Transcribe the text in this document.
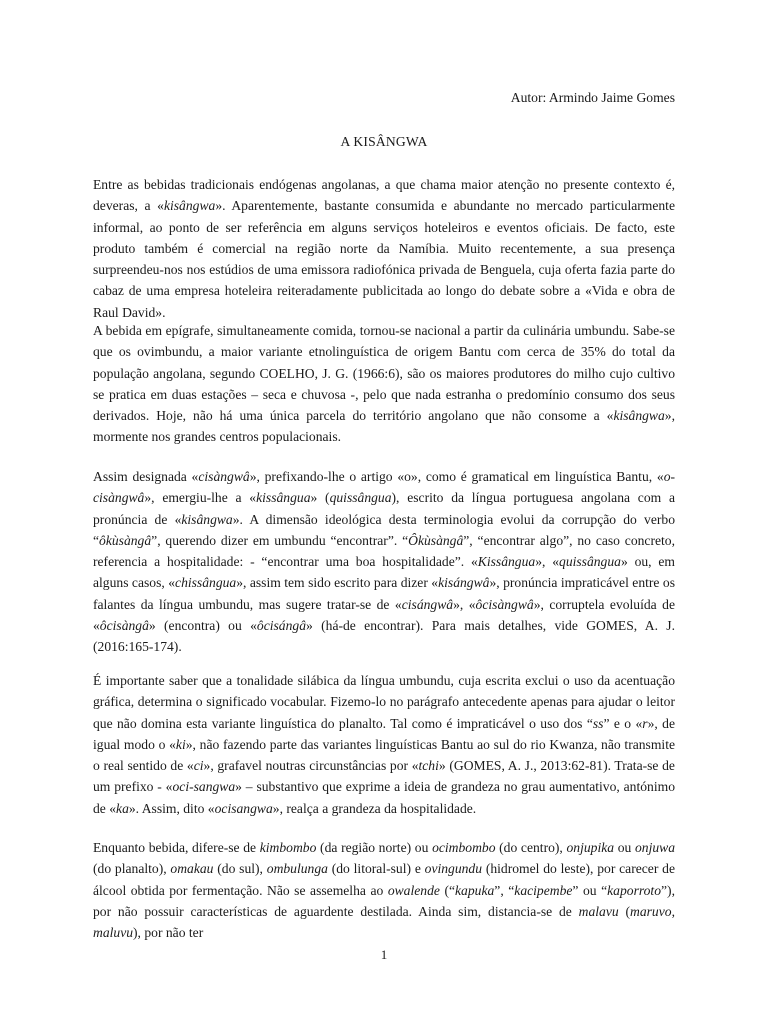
Autor: Armindo Jaime Gomes
A KISÂNGWA

Entre as bebidas tradicionais endógenas angolanas, a que chama maior atenção no presente contexto é, deveras, a «kisângwa». Aparentemente, bastante consumida e abundante no mercado particularmente informal, ao ponto de ser referência em alguns serviços hoteleiros e eventos oficiais. De facto, este produto também é comercial na região norte da Namíbia. Muito recentemente, a sua presença surpreendeu-nos nos estúdios de uma emissora radiofónica privada de Benguela, cuja oferta fazia parte do cabaz de uma empresa hoteleira reiteradamente publicitada ao longo do debate sobre a «Vida e obra de Raul David».

A bebida em epígrafe, simultaneamente comida, tornou-se nacional a partir da culinária umbundu. Sabe-se que os ovimbundu, a maior variante etnolinguística de origem Bantu com cerca de 35% do total da população angolana, segundo COELHO, J. G. (1966:6), são os maiores produtores do milho cujo cultivo se pratica em duas estações – seca e chuvosa -, pelo que nada estranha o predomínio consumo dos seus derivados. Hoje, não há uma única parcela do território angolano que não consome a «kisângwa», mormente nos grandes centros populacionais.

Assim designada «cisàngwâ», prefixando-lhe o artigo «o», como é gramatical em linguística Bantu, «o-cisàngwâ», emergiu-lhe a «kissângua» (quissângua), escrito da língua portuguesa angolana com a pronúncia de «kisângwa». A dimensão ideológica desta terminologia evolui da corrupção do verbo “ôkùsàngâ”, querendo dizer em umbundu “encontrar”. “Ôkùsàngâ”, “encontrar algo”, no caso concreto, referencia a hospitalidade: - “encontrar uma boa hospitalidade”. «Kissângua», «quissângua» ou, em alguns casos, «chissângua», assim tem sido escrito para dizer «kisángwâ», pronúncia impraticável entre os falantes da língua umbundu, mas sugere tratar-se de «cisángwâ», «ôcisàngwâ», corruptela evoluída de «ôcisàngâ» (encontra) ou «ôcisángâ» (há-de encontrar). Para mais detalhes, vide GOMES, A. J. (2016:165-174).

É importante saber que a tonalidade silábica da língua umbundu, cuja escrita exclui o uso da acentuação gráfica, determina o significado vocabular. Fizemo-lo no parágrafo antecedente apenas para ajudar o leitor que não domina esta variante linguística do planalto. Tal como é impraticável o uso dos “ss” e o «r», de igual modo o «ki», não fazendo parte das variantes linguísticas Bantu ao sul do rio Kwanza, não transmite o real sentido de «ci», grafavel noutras circunstâncias por «tchi» (GOMES, A. J., 2013:62-81). Trata-se de um prefixo - «oci-sangwa» – substantivo que exprime a ideia de grandeza no grau aumentativo, antónimo de «ka». Assim, dito «ocisangwa», realça a grandeza da hospitalidade.

Enquanto bebida, difere-se de kimbombo (da região norte) ou ocimbombo (do centro), onjupika ou onjuwa (do planalto), omakau (do sul), ombulunga (do litoral-sul) e ovingundu (hidromel do leste), por carecer de álcool obtida por fermentação. Não se assemelha ao owalende (“kapuka”, “kacipembe” ou “kaporroto”), por não possuir características de aguardente destilada. Ainda sim, distancia-se de malavu (maruvo, maluvu), por não ter

1
